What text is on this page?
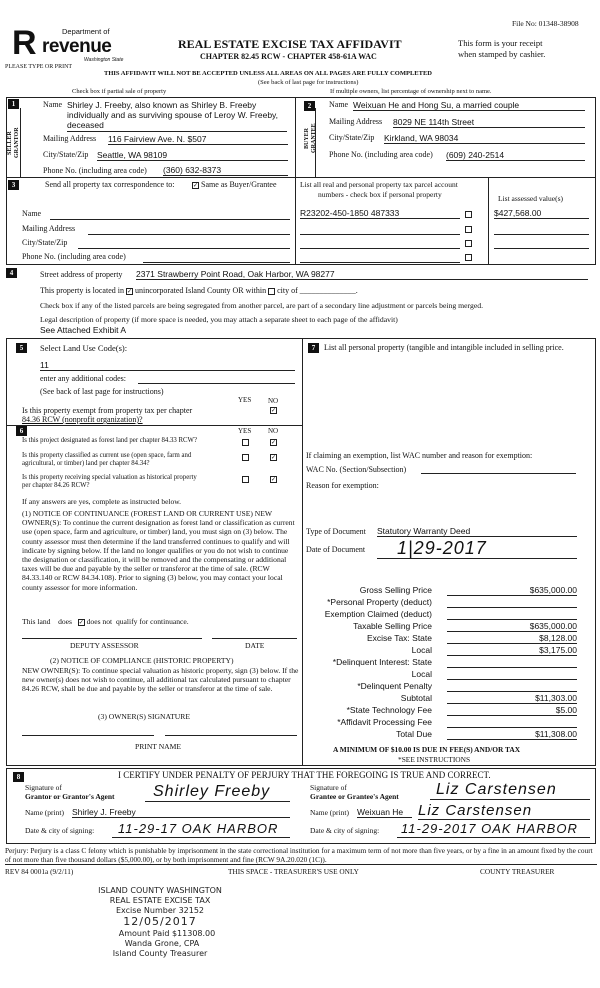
File No: 01348-38908
R	Department of
revenue
Washington State
PLEASE TYPE OR PRINT
REAL ESTATE EXCISE TAX AFFIDAVIT
CHAPTER 82.45 RCW - CHAPTER 458-61A WAC
This form is your receipt
when stamped by cashier.
THIS AFFIDAVIT WILL NOT BE ACCEPTED UNLESS ALL AREAS ON ALL PAGES ARE FULLY COMPLETED
(See back of last page for instructions)
Check box if partial sale of property	If multiple owners, list percentage of ownership next to name.
1
SELLER GRANTOR
Name Shirley J. Freeby, also known as Shirley B. Freeby
individually and as surviving spouse of Leroy W. Freeby,
deceased
Mailing Address 116 Fairview Ave. N. $507
City/State/Zip Seattle, WA 98109
Phone No. (including area code) (360) 632-8373
2
BUYER GRANTEE
Name Weixuan He and Hong Su, a married couple
Mailing Address 8029 NE 114th Street
City/State/Zip Kirkland, WA 98034
Phone No. (including area code) (609) 240-2514
3	Send all property tax correspondence to:	✓ Same as Buyer/Grantee
Name
Mailing Address
City/State/Zip
Phone No. (including area code)
List all real and personal property tax parcel account
numbers - check box if personal property	List assessed value(s)
R23202-450-1850 487333	$427,568.00
4	Street address of property 2371 Strawberry Point Road, Oak Harbor, WA 98277
This property is located in ✓ unincorporated Island County OR within city of ______________.
Check box if any of the listed parcels are being segregated from another parcel, are part of a secondary line adjustment or parcels being merged.
Legal description of property (if more space is needed, you may attach a separate sheet to each page of the affidavit)
See Attached Exhibit A
5	Select Land Use Code(s):
11
enter any additional codes:
(See back of last page for instructions)
YES NO
Is this property exempt from property tax per chapter
84.36 RCW (nonprofit organization)?
✓
6	YES NO
Is this project designated as forest land per chapter 84.33 RCW?	✓
Is this property classified as current use (open space, farm and
agricultural, or timber) land per chapter 84.34?
✓
Is this property receiving special valuation as historical property
per chapter 84.26 RCW?
✓
If any answers are yes, complete as instructed below.
(1) NOTICE OF CONTINUANCE (FOREST LAND OR CURRENT USE) NEW OWNER(S): To continue the current designation as forest land or classification as current use (open space, farm and agriculture, or timber) land, you must sign on (3) below. The county assessor must then determine if the land transferred continues to qualify and will indicate by signing below. If the land no longer qualifies or you do not wish to continue the designation or classification, it will be removed and the compensating or additional taxes will be due and payable by the seller or transferor at the time of sale. (RCW 84.33.140 or RCW 84.34.108). Prior to signing (3) below, you may contact your local county assessor for more information.
This land does ✓ does not qualify for continuance.
DEPUTY ASSESSOR	DATE
(2) NOTICE OF COMPLIANCE (HISTORIC PROPERTY)
NEW OWNER(S): To continue special valuation as historic property, sign (3) below. If the new owner(s) does not wish to continue, all additional tax calculated pursuant to chapter 84.26 RCW, shall be due and payable by the seller or transferor at the time of sale.
(3) OWNER(S) SIGNATURE
PRINT NAME
7	List all personal property (tangible and intangible included in selling price.
If claiming an exemption, list WAC number and reason for exemption:
WAC No. (Section/Subsection)
Reason for exemption:
Type of Document Statutory Warranty Deed
Date of Document	1|29-2017
Gross Selling Price	$635,000.00
*Personal Property (deduct)
Exemption Claimed (deduct)
Taxable Selling Price	$635,000.00
Excise Tax: State	$8,128.00
Local	$3,175.00
*Delinquent Interest: State
Local
*Delinquent Penalty
Subtotal	$11,303.00
*State Technology Fee	$5.00
*Affidavit Processing Fee
Total Due	$11,308.00
A MINIMUM OF $10.00 IS DUE IN FEE(S) AND/OR TAX
*SEE INSTRUCTIONS
8	I CERTIFY UNDER PENALTY OF PERJURY THAT THE FOREGOING IS TRUE AND CORRECT.
Signature of
Grantor or Grantor's Agent	Shirley Freeby
Name (print) Shirley J. Freeby
Date & city of signing:	11-29-17 OAK HARBOR
Signature of
Grantee or Grantee's Agent	Liz Carstensen
Name (print) Weixuan He Liz Carstensen
Date & city of signing:	11-29-2017 OAK HARBOR
Perjury: Perjury is a class C felony which is punishable by imprisonment in the state correctional institution for a maximum term of not more than five years, or by a fine in an amount fixed by the court of not more than five thousand dollars ($5,000.00), or by both imprisonment and fine (RCW 9A.20.020 (1C)).
REV 84 0001a (9/2/11)	THIS SPACE - TREASURER'S USE ONLY	COUNTY TREASURER
ISLAND COUNTY WASHINGTON
REAL ESTATE EXCISE TAX
Excise Number 32152
12/05/2017
Amount Paid $11308.00
Wanda Grone, CPA
Island County Treasurer
